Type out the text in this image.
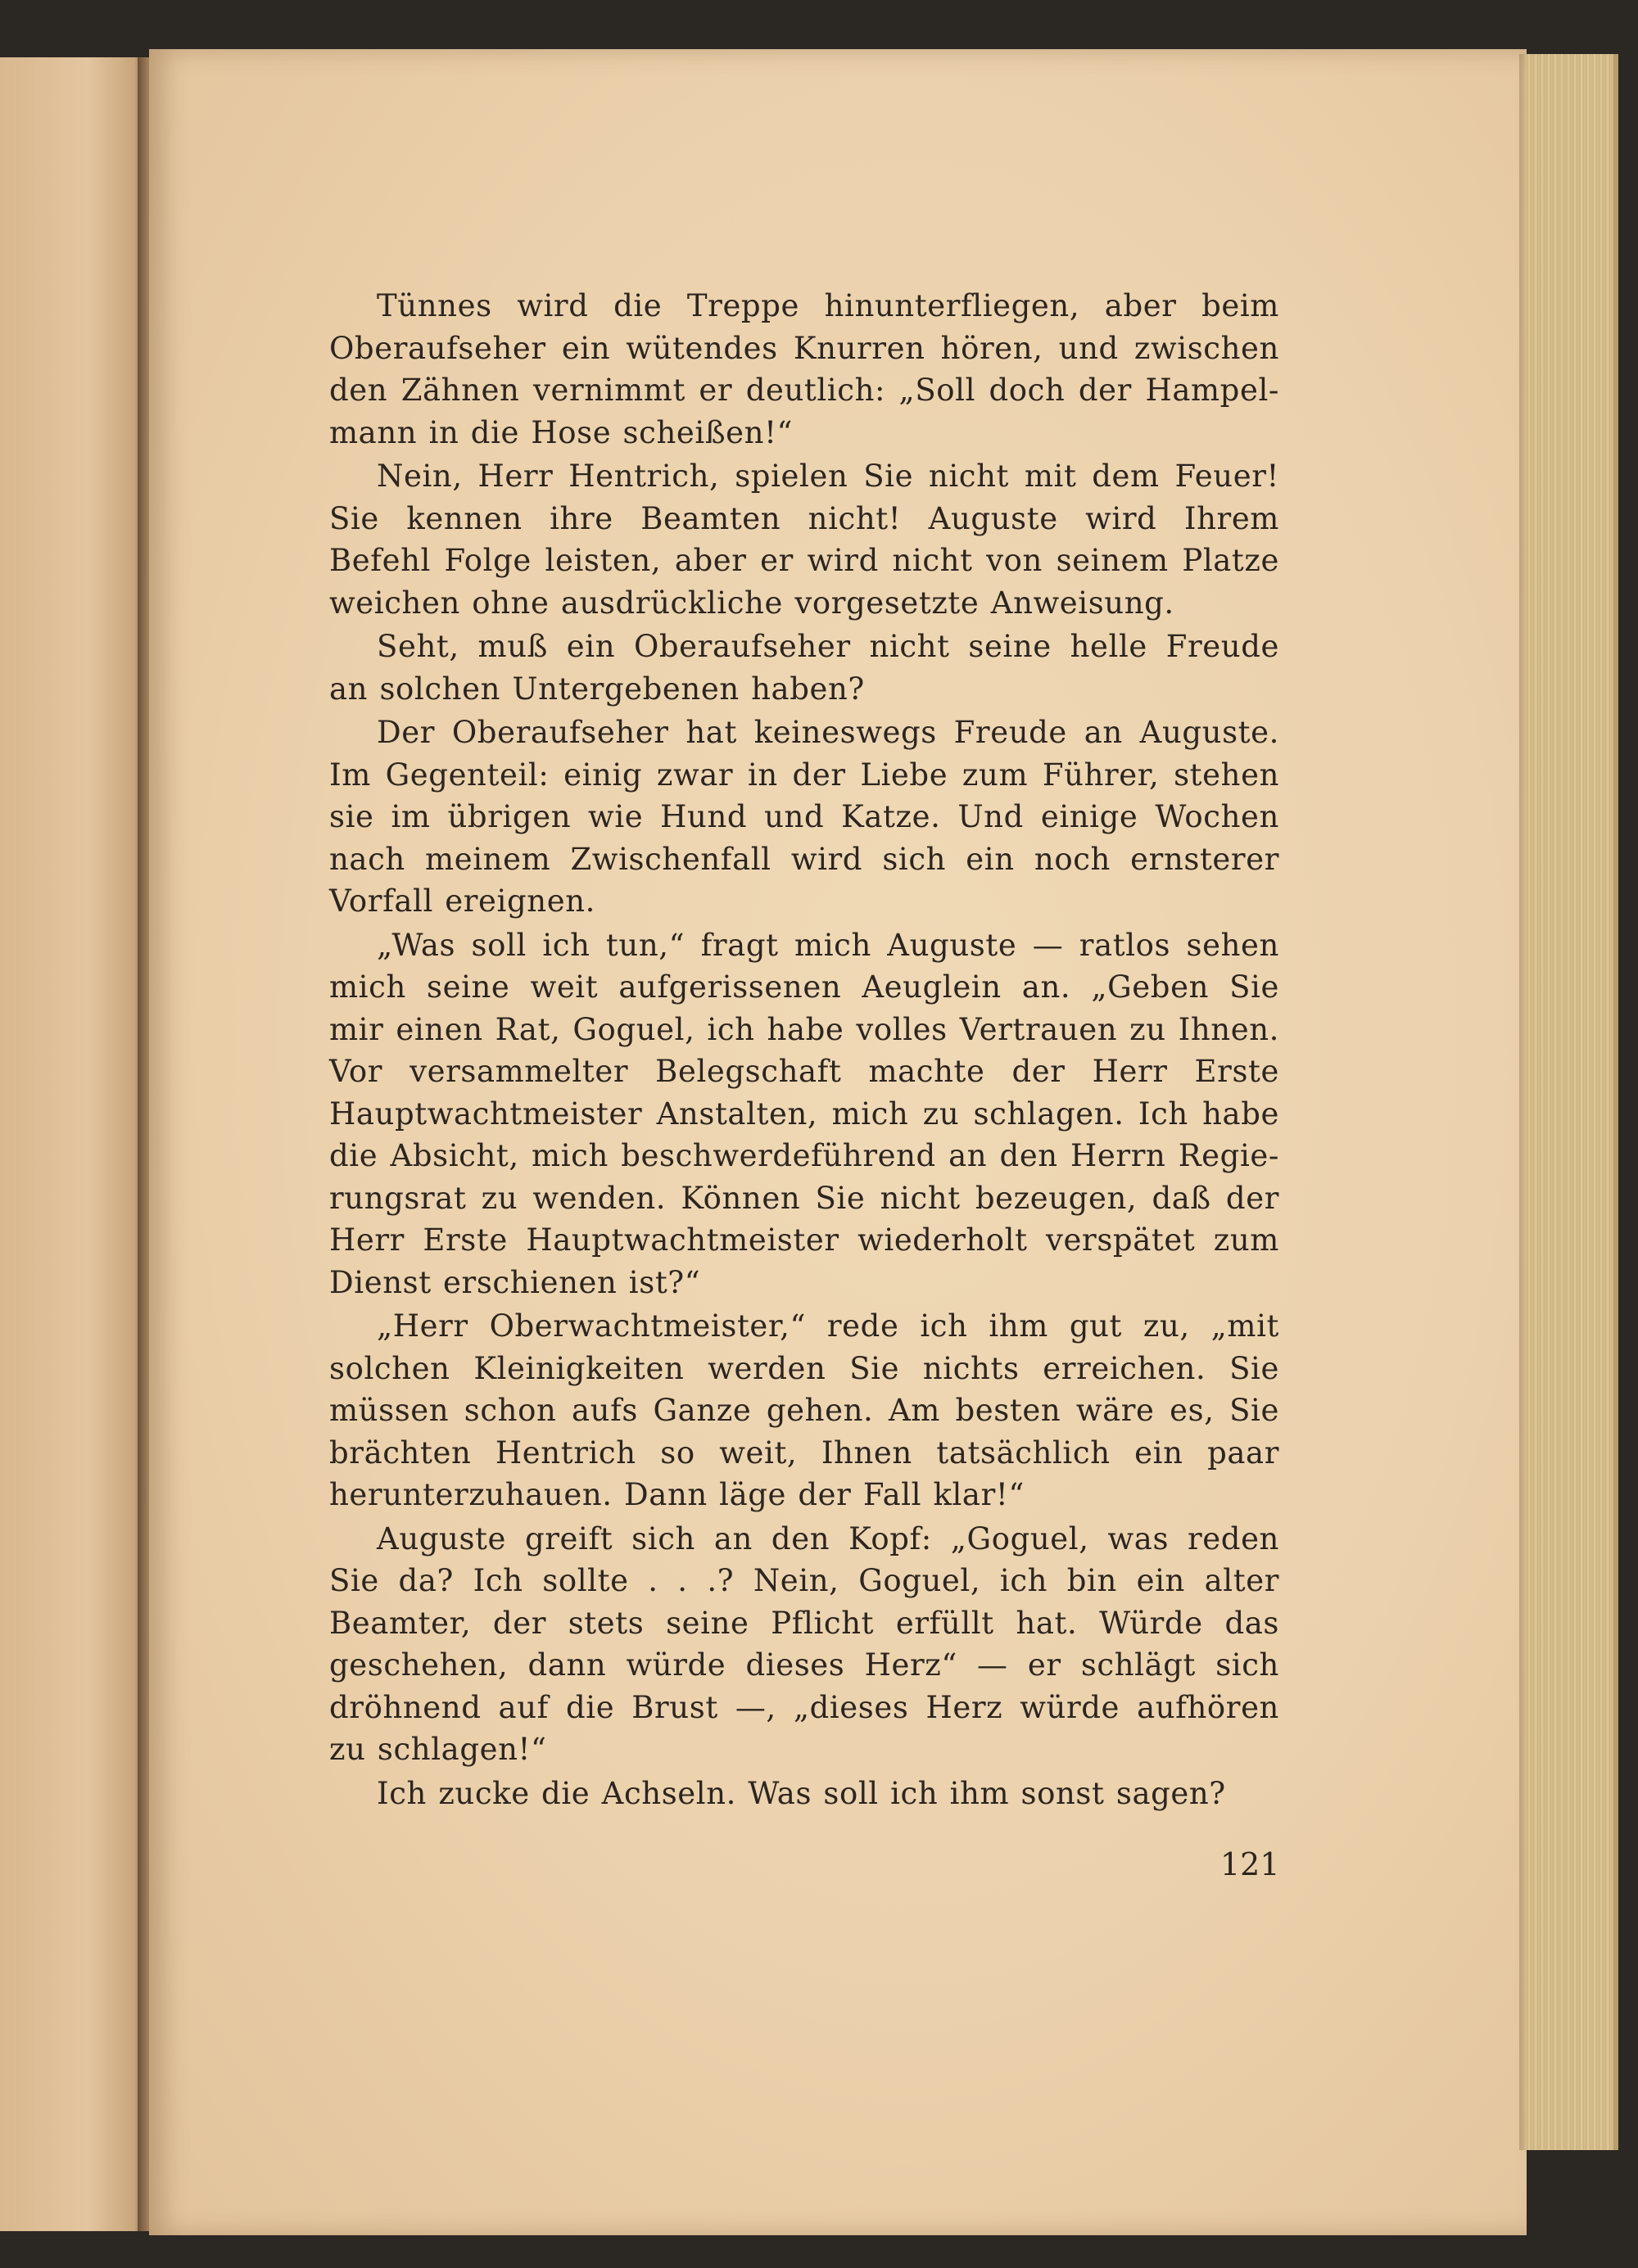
Tünnes wird die Treppe hinunterfliegen, aber beim Oberaufseher ein wütendes Knurren hören, und zwischen den Zähnen vernimmt er deutlich: „Soll doch der Hampel-mann in die Hose scheißen!“

Nein, Herr Hentrich, spielen Sie nicht mit dem Feuer! Sie kennen ihre Beamten nicht! Auguste wird Ihrem Befehl Folge leisten, aber er wird nicht von seinem Platze weichen ohne ausdrückliche vorgesetzte Anweisung.

Seht, muß ein Oberaufseher nicht seine helle Freude an solchen Untergebenen haben?

Der Oberaufseher hat keineswegs Freude an Auguste. Im Gegenteil: einig zwar in der Liebe zum Führer, stehen sie im übrigen wie Hund und Katze. Und einige Wochen nach meinem Zwischenfall wird sich ein noch ernsterer Vorfall ereignen.

„Was soll ich tun,“ fragt mich Auguste — ratlos sehen mich seine weit aufgerissenen Aeuglein an. „Geben Sie mir einen Rat, Goguel, ich habe volles Vertrauen zu Ihnen. Vor versammelter Belegschaft machte der Herr Erste Hauptwachtmeister Anstalten, mich zu schlagen. Ich habe die Absicht, mich beschwerdeführend an den Herrn Regie-rungsrat zu wenden. Können Sie nicht bezeugen, daß der Herr Erste Hauptwachtmeister wiederholt verspätet zum Dienst erschienen ist?“

„Herr Oberwachtmeister,“ rede ich ihm gut zu, „mit solchen Kleinigkeiten werden Sie nichts erreichen. Sie müssen schon aufs Ganze gehen. Am besten wäre es, Sie brächten Hentrich so weit, Ihnen tatsächlich ein paar herunterzuhauen. Dann läge der Fall klar!“

Auguste greift sich an den Kopf: „Goguel, was reden Sie da? Ich sollte . . .? Nein, Goguel, ich bin ein alter Beamter, der stets seine Pflicht erfüllt hat. Würde das geschehen, dann würde dieses Herz“ — er schlägt sich dröhnend auf die Brust —, „dieses Herz würde aufhören zu schlagen!“

Ich zucke die Achseln. Was soll ich ihm sonst sagen?

121
